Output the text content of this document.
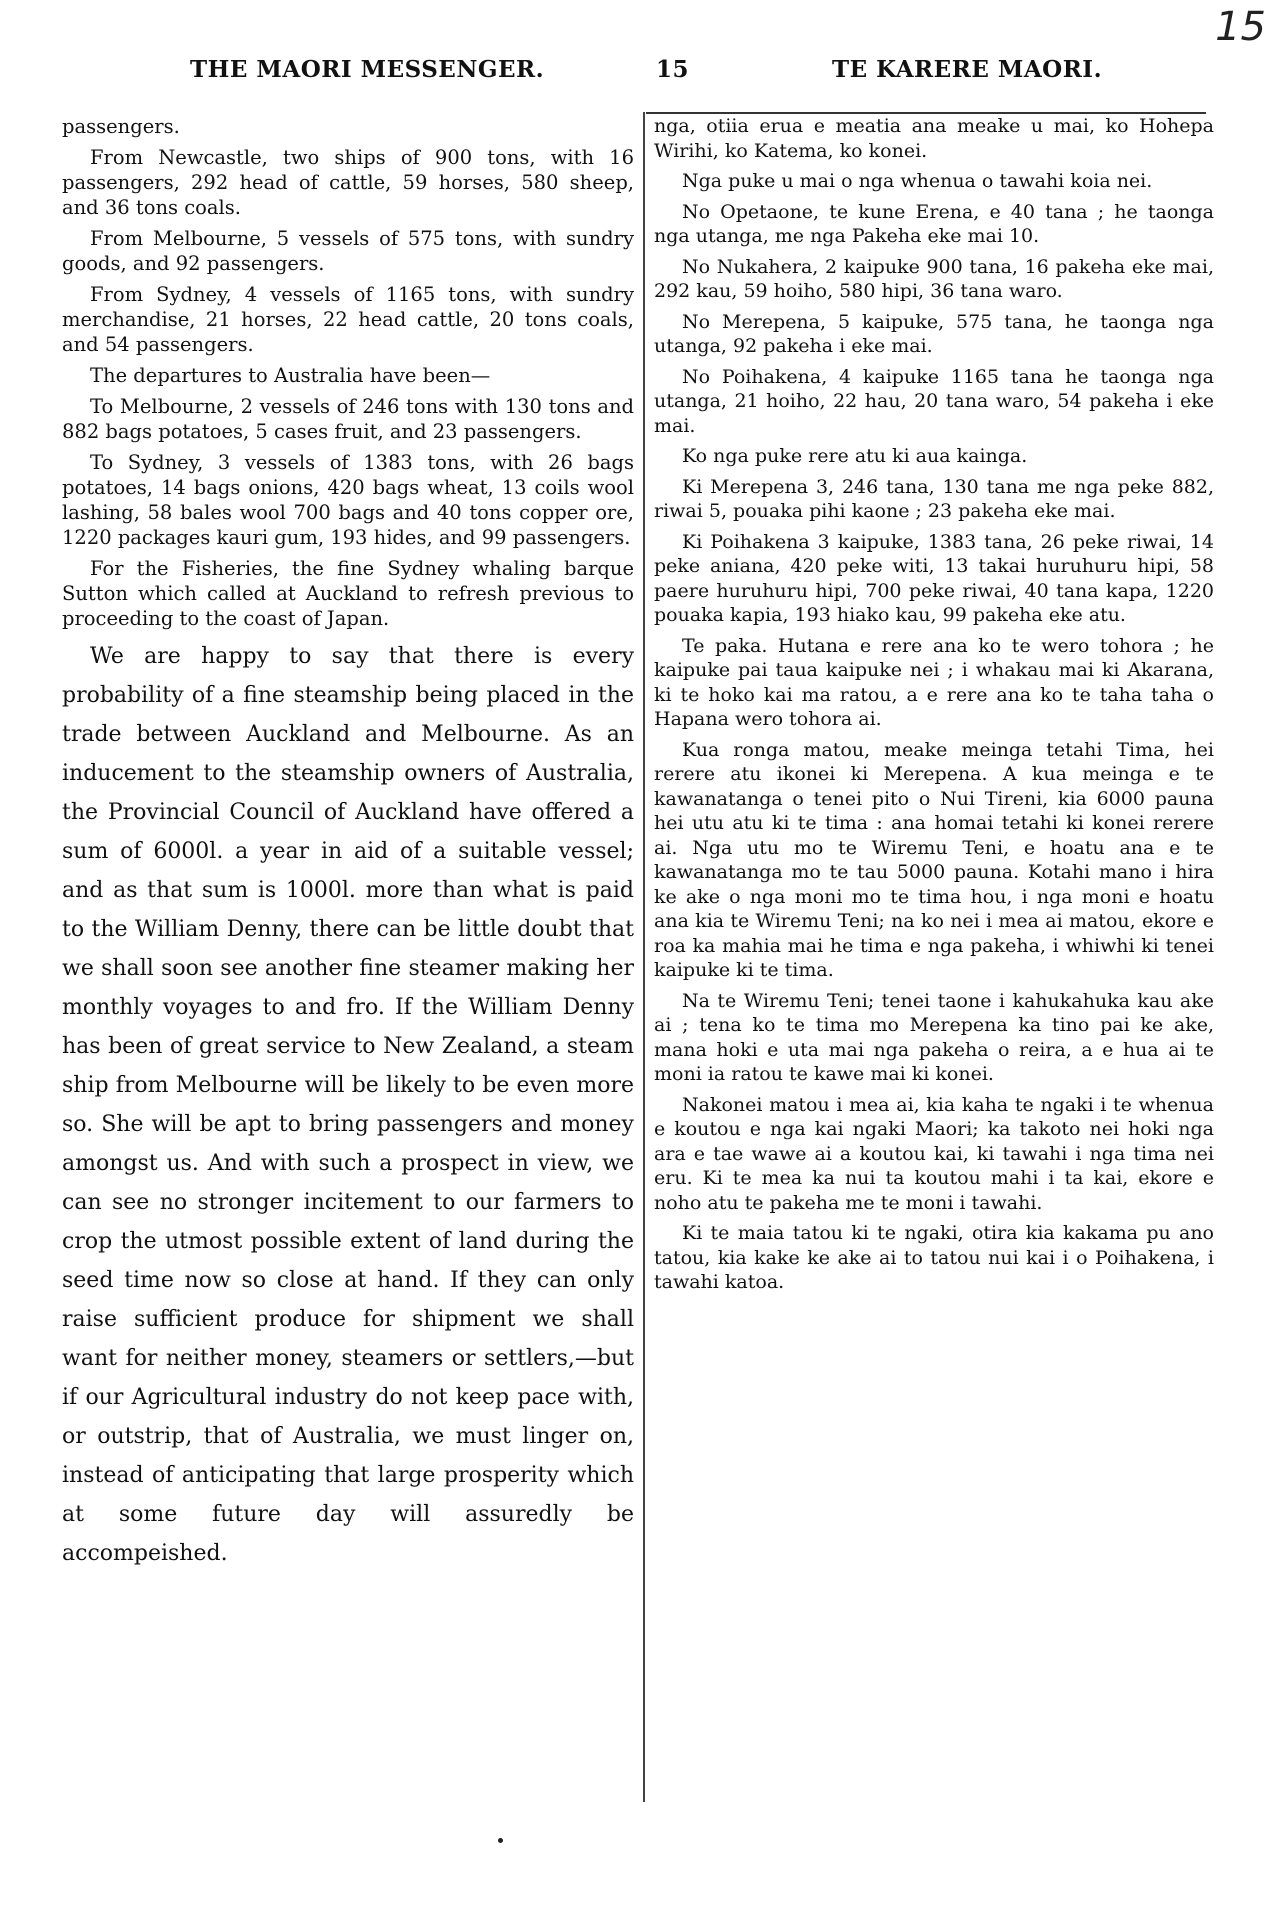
15
THE MAORI MESSENGER.	15	TE KARERE MAORI.

passengers.

From Newcastle, two ships of 900 tons, with 16 passengers, 292 head of cattle, 59 horses, 580 sheep, and 36 tons coals.

From Melbourne, 5 vessels of 575 tons, with sundry goods, and 92 passengers.

From Sydney, 4 vessels of 1165 tons, with sundry merchandise, 21 horses, 22 head cattle, 20 tons coals, and 54 passengers.

The departures to Australia have been—

To Melbourne, 2 vessels of 246 tons with 130 tons and 882 bags potatoes, 5 cases fruit, and 23 passengers.

To Sydney, 3 vessels of 1383 tons, with 26 bags potatoes, 14 bags onions, 420 bags wheat, 13 coils wool lashing, 58 bales wool 700 bags and 40 tons copper ore, 1220 packages kauri gum, 193 hides, and 99 passengers.

For the Fisheries, the fine Sydney whaling barque Sutton which called at Auckland to refresh previous to proceeding to the coast of Japan.

We are happy to say that there is every probability of a fine steamship being placed in the trade between Auckland and Melbourne. As an inducement to the steamship owners of Australia, the Provincial Council of Auckland have offered a sum of 6000l. a year in aid of a suitable vessel; and as that sum is 1000l. more than what is paid to the William Denny, there can be little doubt that we shall soon see another fine steamer making her monthly voyages to and fro. If the William Denny has been of great service to New Zealand, a steam ship from Melbourne will be likely to be even more so. She will be apt to bring passengers and money amongst us. And with such a prospect in view, we can see no stronger incitement to our farmers to crop the utmost possible extent of land during the seed time now so close at hand. If they can only raise sufficient produce for shipment we shall want for neither money, steamers or settlers,—but if our Agricultural industry do not keep pace with, or outstrip, that of Australia, we must linger on, instead of anticipating that large prosperity which at some future day will assuredly be accompeished.

nga, otiia erua e meatia ana meake u mai, ko Hohepa Wirihi, ko Katema, ko konei.

Nga puke u mai o nga whenua o tawahi koia nei.

No Opetaone, te kune Erena, e 40 tana ; he taonga nga utanga, me nga Pakeha eke mai 10.

No Nukahera, 2 kaipuke 900 tana, 16 pakeha eke mai, 292 kau, 59 hoiho, 580 hipi, 36 tana waro.

No Merepena, 5 kaipuke, 575 tana, he taonga nga utanga, 92 pakeha i eke mai.

No Poihakena, 4 kaipuke 1165 tana he taonga nga utanga, 21 hoiho, 22 hau, 20 tana waro, 54 pakeha i eke mai.

Ko nga puke rere atu ki aua kainga.

Ki Merepena 3, 246 tana, 130 tana me nga peke 882, riwai 5, pouaka pihi kaone ; 23 pakeha eke mai.

Ki Poihakena 3 kaipuke, 1383 tana, 26 peke riwai, 14 peke aniana, 420 peke witi, 13 takai huruhuru hipi, 58 paere huruhuru hipi, 700 peke riwai, 40 tana kapa, 1220 pouaka kapia, 193 hiako kau, 99 pakeha eke atu.

Te paka. Hutana e rere ana ko te wero tohora ; he kaipuke pai taua kaipuke nei ; i whakau mai ki Akarana, ki te hoko kai ma ratou, a e rere ana ko te taha taha o Hapana wero tohora ai.

Kua ronga matou, meake meinga tetahi Tima, hei rerere atu ikonei ki Merepena. A kua meinga e te kawanatanga o tenei pito o Nui Tireni, kia 6000 pauna hei utu atu ki te tima : ana homai tetahi ki konei rerere ai. Nga utu mo te Wiremu Teni, e hoatu ana e te kawanatanga mo te tau 5000 pauna. Kotahi mano i hira ke ake o nga moni mo te tima hou, i nga moni e hoatu ana kia te Wiremu Teni; na ko nei i mea ai matou, ekore e roa ka mahia mai he tima e nga pakeha, i whiwhi ki tenei kaipuke ki te tima.

Na te Wiremu Teni; tenei taone i kahukahuka kau ake ai ; tena ko te tima mo Merepena ka tino pai ke ake, mana hoki e uta mai nga pakeha o reira, a e hua ai te moni ia ratou te kawe mai ki konei.

Nakonei matou i mea ai, kia kaha te ngaki i te whenua e koutou e nga kai ngaki Maori; ka takoto nei hoki nga ara e tae wawe ai a koutou kai, ki tawahi i nga tima nei eru. Ki te mea ka nui ta koutou mahi i ta kai, ekore e noho atu te pakeha me te moni i tawahi.

Ki te maia tatou ki te ngaki, otira kia kakama pu ano tatou, kia kake ke ake ai to tatou nui kai i o Poihakena, i tawahi katoa.
